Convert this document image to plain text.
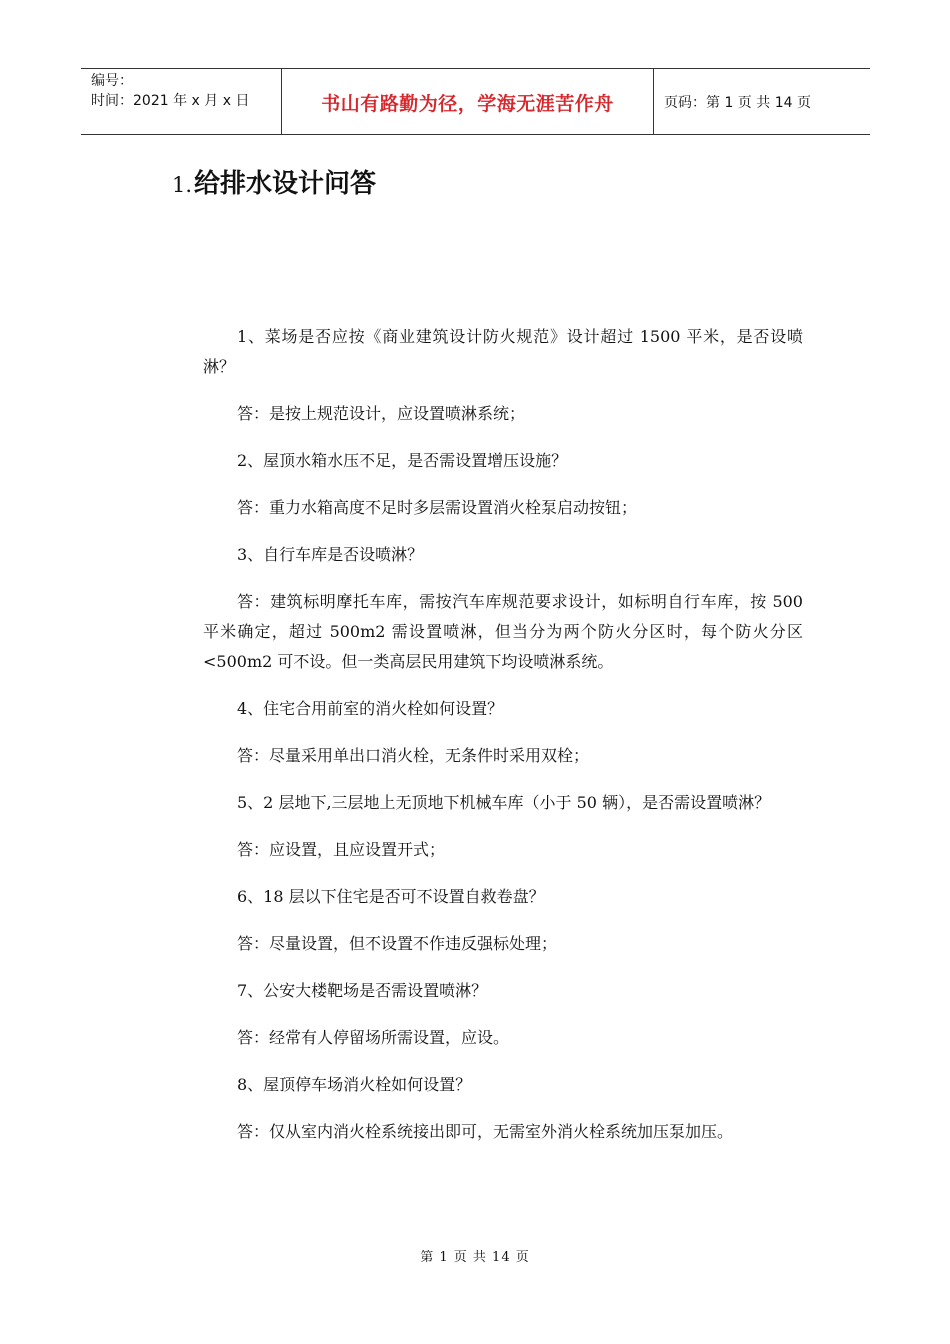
编号：
时间：2021 年 x 月 x 日	书山有路勤为径，学海无涯苦作舟	页码：第 1 页 共 14 页
1.给排水设计问答

1、菜场是否应按《商业建筑设计防火规范》设计超过 1500 平米，是否设喷淋？

答：是按上规范设计，应设置喷淋系统；

2、屋顶水箱水压不足，是否需设置增压设施？

答：重力水箱高度不足时多层需设置消火栓泵启动按钮；

3、自行车库是否设喷淋？

答：建筑标明摩托车库，需按汽车库规范要求设计，如标明自行车库，按 500 平米确定，超过 500m2 需设置喷淋，但当分为两个防火分区时，每个防火分区<500m2 可不设。但一类高层民用建筑下均设喷淋系统。

4、住宅合用前室的消火栓如何设置？

答：尽量采用单出口消火栓，无条件时采用双栓；

5、2 层地下,三层地上无顶地下机械车库（小于 50 辆），是否需设置喷淋？

答：应设置，且应设置开式；

6、18 层以下住宅是否可不设置自救卷盘？

答：尽量设置，但不设置不作违反强标处理；

7、公安大楼靶场是否需设置喷淋？

答：经常有人停留场所需设置，应设。

8、屋顶停车场消火栓如何设置？

答：仅从室内消火栓系统接出即可，无需室外消火栓系统加压泵加压。

第 1 页 共 14 页
